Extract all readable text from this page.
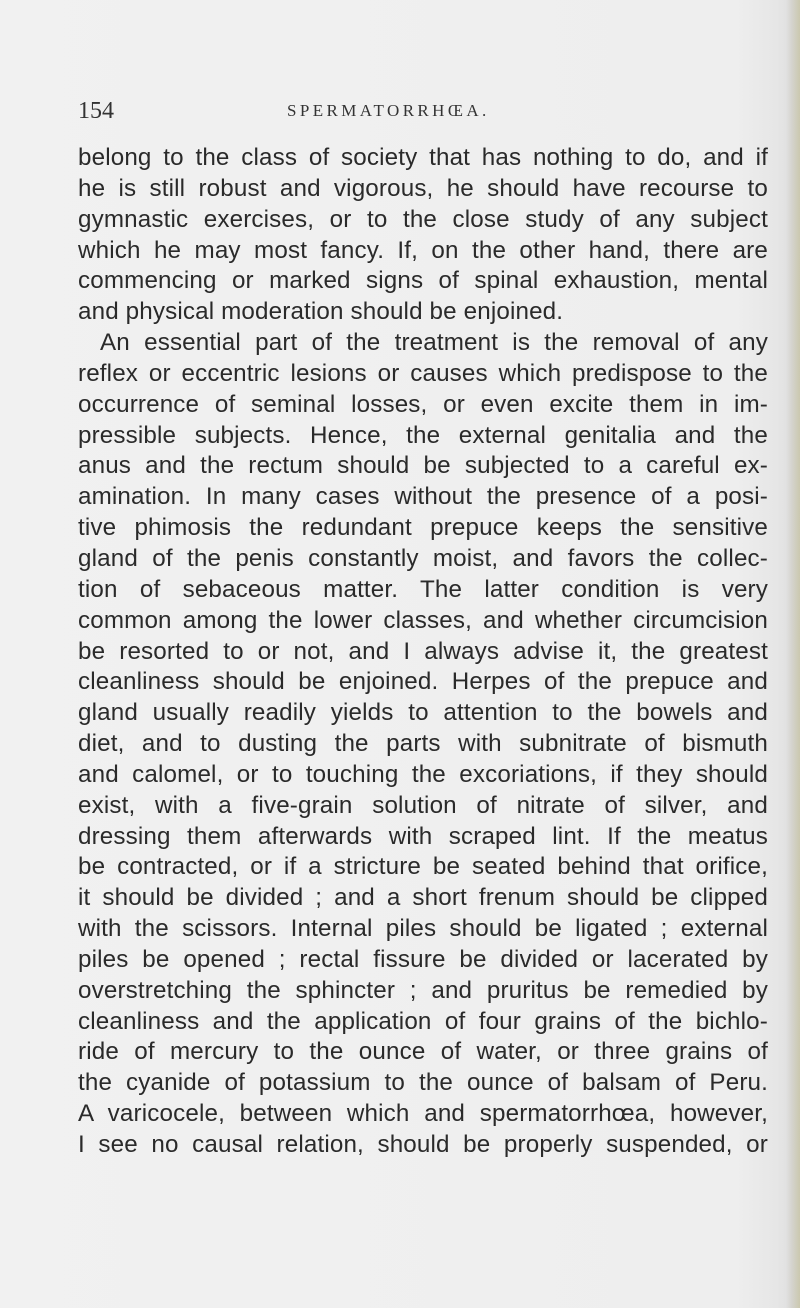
154	SPERMATORRHŒA.
belong to the class of society that has nothing to do, and if
he is still robust and vigorous, he should have recourse to
gymnastic exercises, or to the close study of any subject
which he may most fancy. If, on the other hand, there are
commencing or marked signs of spinal exhaustion, mental
and physical moderation should be enjoined.
An essential part of the treatment is the removal of any
reflex or eccentric lesions or causes which predispose to the
occurrence of seminal losses, or even excite them in im-
pressible subjects. Hence, the external genitalia and the
anus and the rectum should be subjected to a careful ex-
amination. In many cases without the presence of a posi-
tive phimosis the redundant prepuce keeps the sensitive
gland of the penis constantly moist, and favors the collec-
tion of sebaceous matter. The latter condition is very
common among the lower classes, and whether circumcision
be resorted to or not, and I always advise it, the greatest
cleanliness should be enjoined. Herpes of the prepuce and
gland usually readily yields to attention to the bowels and
diet, and to dusting the parts with subnitrate of bismuth
and calomel, or to touching the excoriations, if they should
exist, with a five-grain solution of nitrate of silver, and
dressing them afterwards with scraped lint. If the meatus
be contracted, or if a stricture be seated behind that orifice,
it should be divided ; and a short frenum should be clipped
with the scissors. Internal piles should be ligated ; external
piles be opened ; rectal fissure be divided or lacerated by
overstretching the sphincter ; and pruritus be remedied by
cleanliness and the application of four grains of the bichlo-
ride of mercury to the ounce of water, or three grains of
the cyanide of potassium to the ounce of balsam of Peru.
A varicocele, between which and spermatorrhœa, however,
I see no causal relation, should be properly suspended, or
